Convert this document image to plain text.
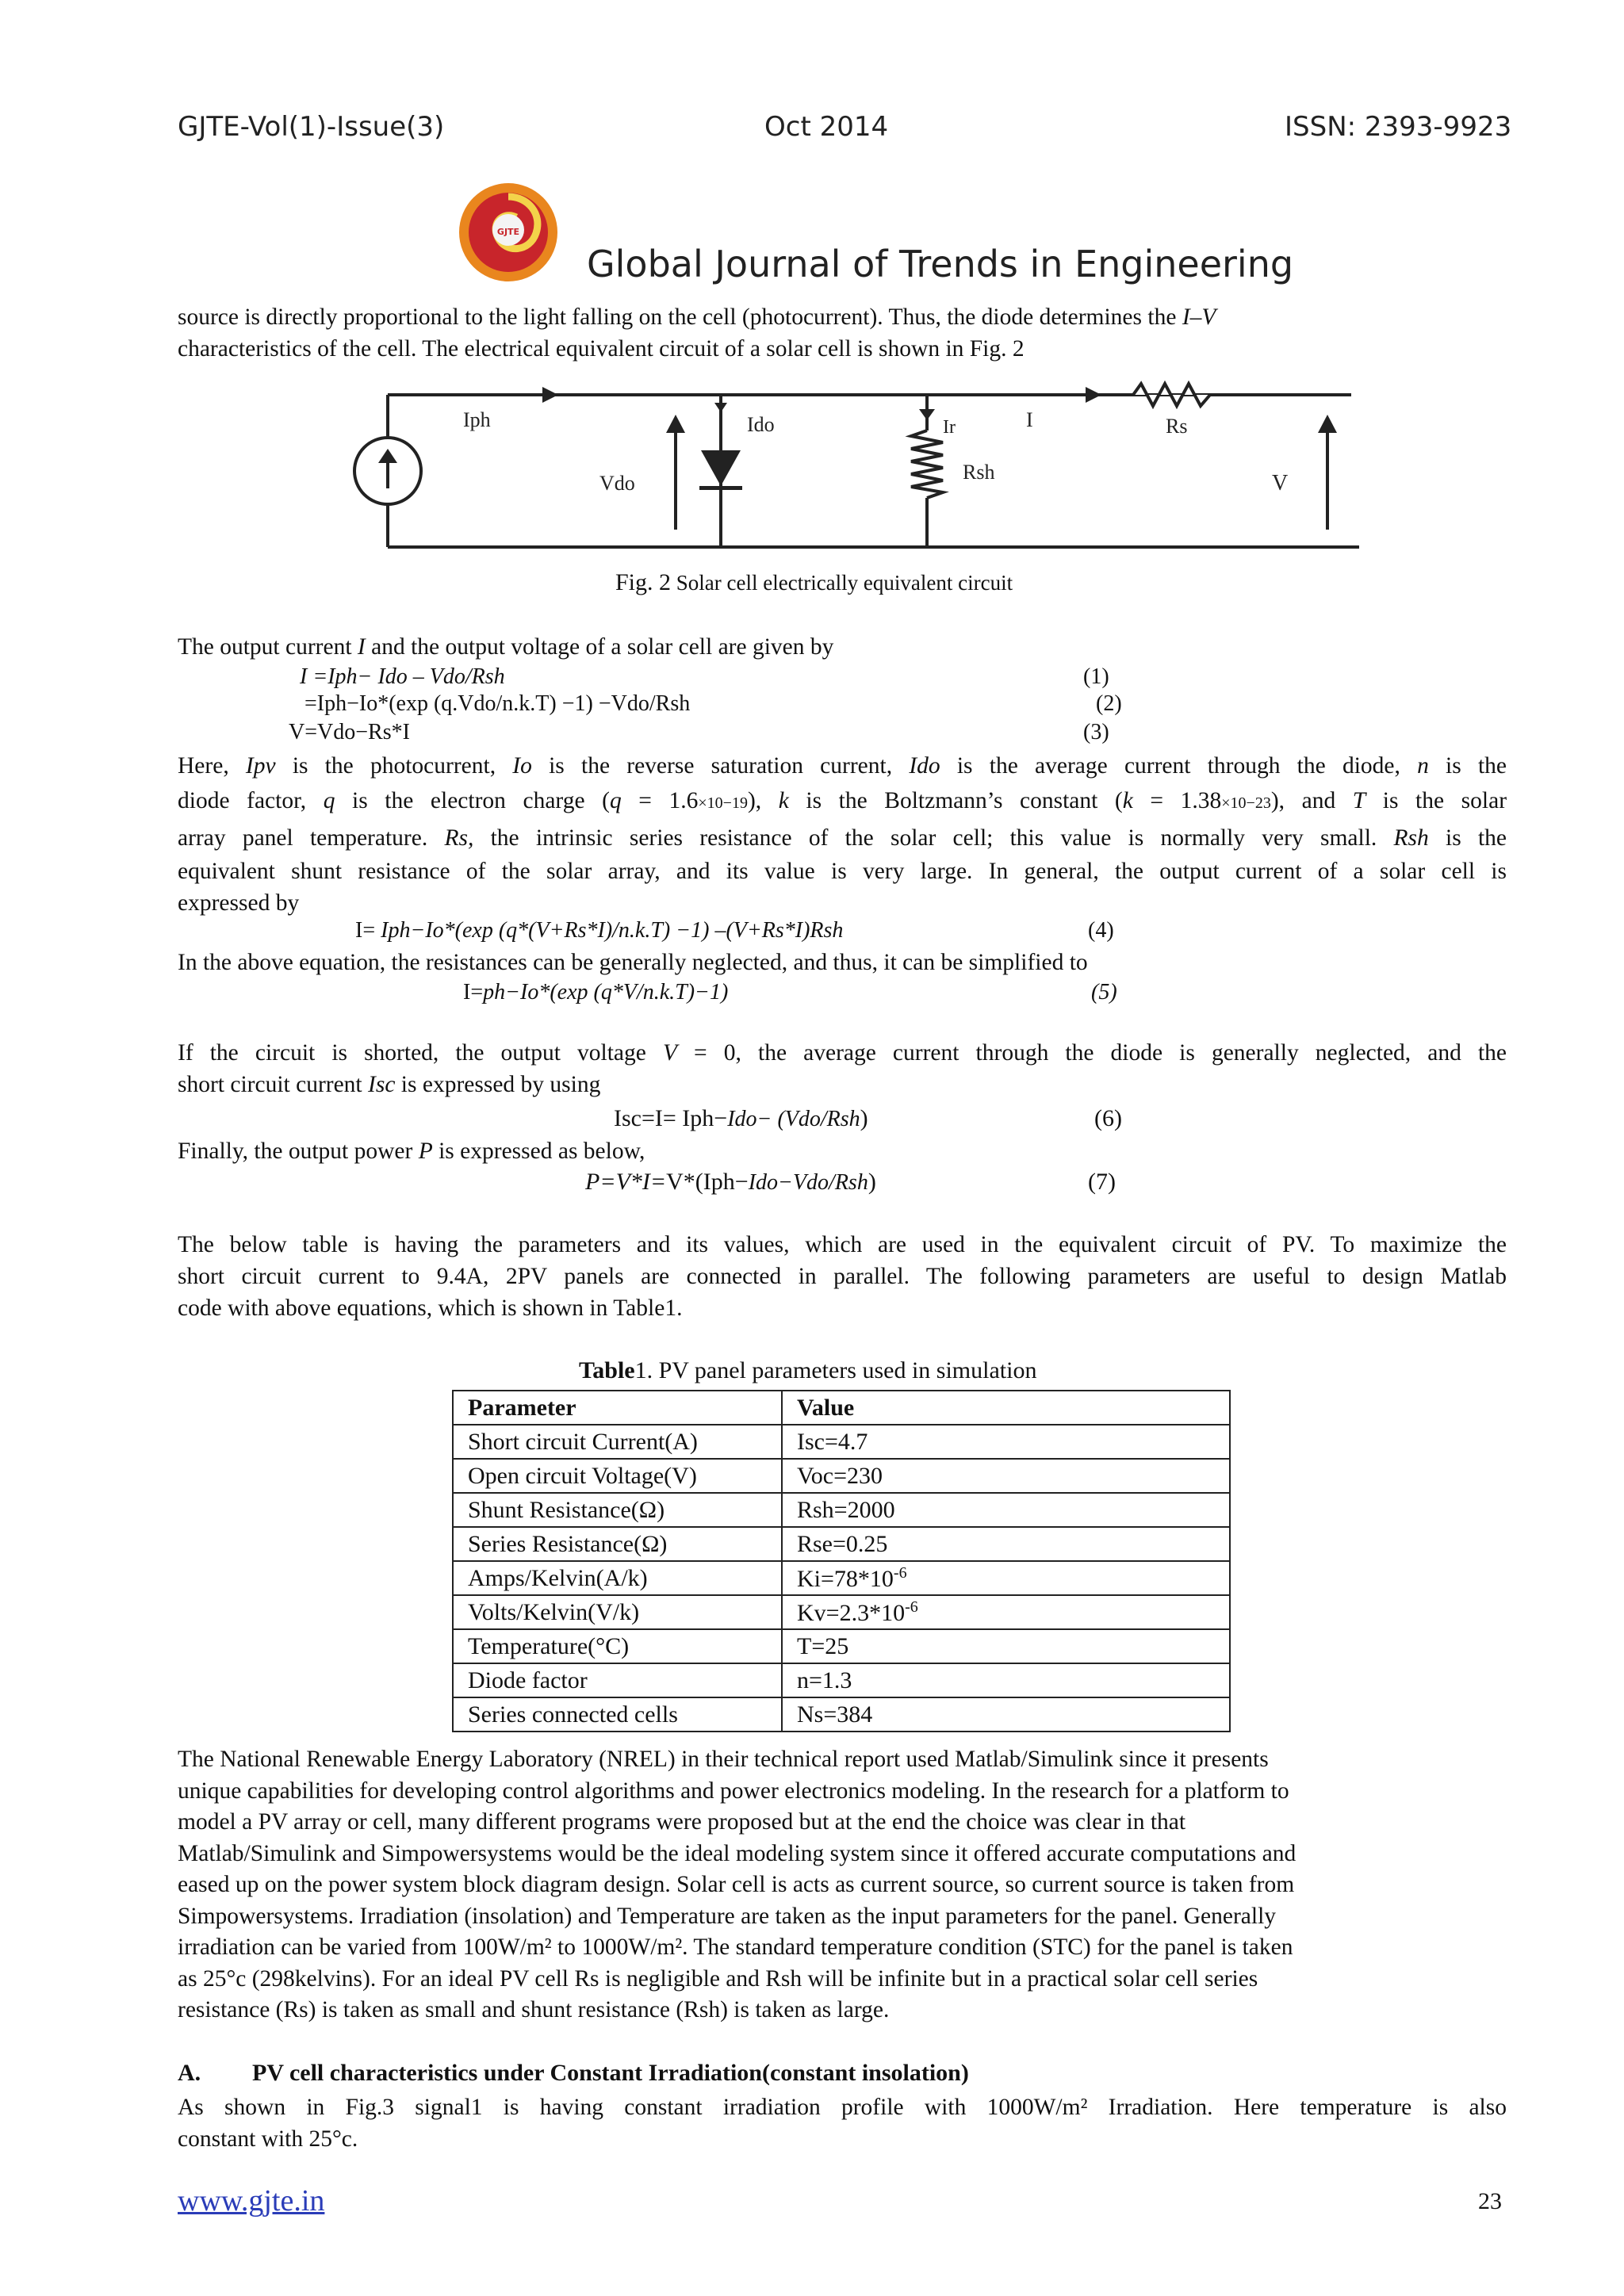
GJTE-Vol(1)-Issue(3)	Oct 2014	ISSN: 2393-9923
GJTE
Global Journal of Trends in Engineering
source is directly proportional to the light falling on the cell (photocurrent). Thus, the diode determines the I–V
characteristics of the cell. The electrical equivalent circuit of a solar cell is shown in Fig. 2
Iph	Ido
Vdo
Ir
Rsh
I	Rs
V
Fig. 2 Solar cell electrically equivalent circuit
The output current I and the output voltage of a solar cell are given by
I =Iph− Ido – Vdo/Rsh	(1)
=Iph−Io*(exp (q.Vdo/n.k.T) −1) −Vdo/Rsh	(2)
V=Vdo−Rs*I	(3)
Here, Ipv is the photocurrent, Io is the reverse saturation current, Ido is the average current through the diode, n is the
diode factor, q is the electron charge (q = 1.6×10−19), k is the Boltzmann’s constant (k = 1.38×10−23), and T is the solar
array panel temperature. Rs, the intrinsic series resistance of the solar cell; this value is normally very small. Rsh is the
equivalent shunt resistance of the solar array, and its value is very large. In general, the output current of a solar cell is
expressed by
I= Iph−Io*(exp (q*(V+Rs*I)/n.k.T) −1) –(V+Rs*I)Rsh	(4)
In the above equation, the resistances can be generally neglected, and thus, it can be simplified to
I=ph−Io*(exp (q*V/n.k.T)−1)	(5)
If the circuit is shorted, the output voltage V = 0, the average current through the diode is generally neglected, and the
short circuit current Isc is expressed by using
Isc=I= Iph−Ido− (Vdo/Rsh)	(6)
Finally, the output power P is expressed as below,
P=V*I=V*(Iph−Ido−Vdo/Rsh)	(7)
The below table is having the parameters and its values, which are used in the equivalent circuit of PV. To maximize the
short circuit current to 9.4A, 2PV panels are connected in parallel. The following parameters are useful to design Matlab
code with above equations, which is shown in Table1.
Table1. PV panel parameters used in simulation
Parameter	Value
Short circuit Current(A)	Isc=4.7
Open circuit Voltage(V)	Voc=230
Shunt Resistance(Ω)	Rsh=2000
Series Resistance(Ω)	Rse=0.25
Amps/Kelvin(A/k)	$Ki=78*10^{-6}$
Volts/Kelvin(V/k)	$Kv=2.3*10^{-6}$
Temperature(°C)	T=25
Diode factor	n=1.3
Series connected cells	Ns=384
The National Renewable Energy Laboratory (NREL) in their technical report used Matlab/Simulink since it presents
unique capabilities for developing control algorithms and power electronics modeling. In the research for a platform to
model a PV array or cell, many different programs were proposed but at the end the choice was clear in that
Matlab/Simulink and Simpowersystems would be the ideal modeling system since it offered accurate computations and
eased up on the power system block diagram design. Solar cell is acts as current source, so current source is taken from
Simpowersystems. Irradiation (insolation) and Temperature are taken as the input parameters for the panel. Generally
irradiation can be varied from 100W/m² to 1000W/m². The standard temperature condition (STC) for the panel is taken
as 25°c (298kelvins). For an ideal PV cell Rs is negligible and Rsh will be infinite but in a practical solar cell series
resistance (Rs) is taken as small and shunt resistance (Rsh) is taken as large.
A. PV cell characteristics under Constant Irradiation(constant insolation)
As shown in Fig.3 signal1 is having constant irradiation profile with 1000W/m² Irradiation. Here temperature is also
constant with 25°c.
www.gjte.in	23
